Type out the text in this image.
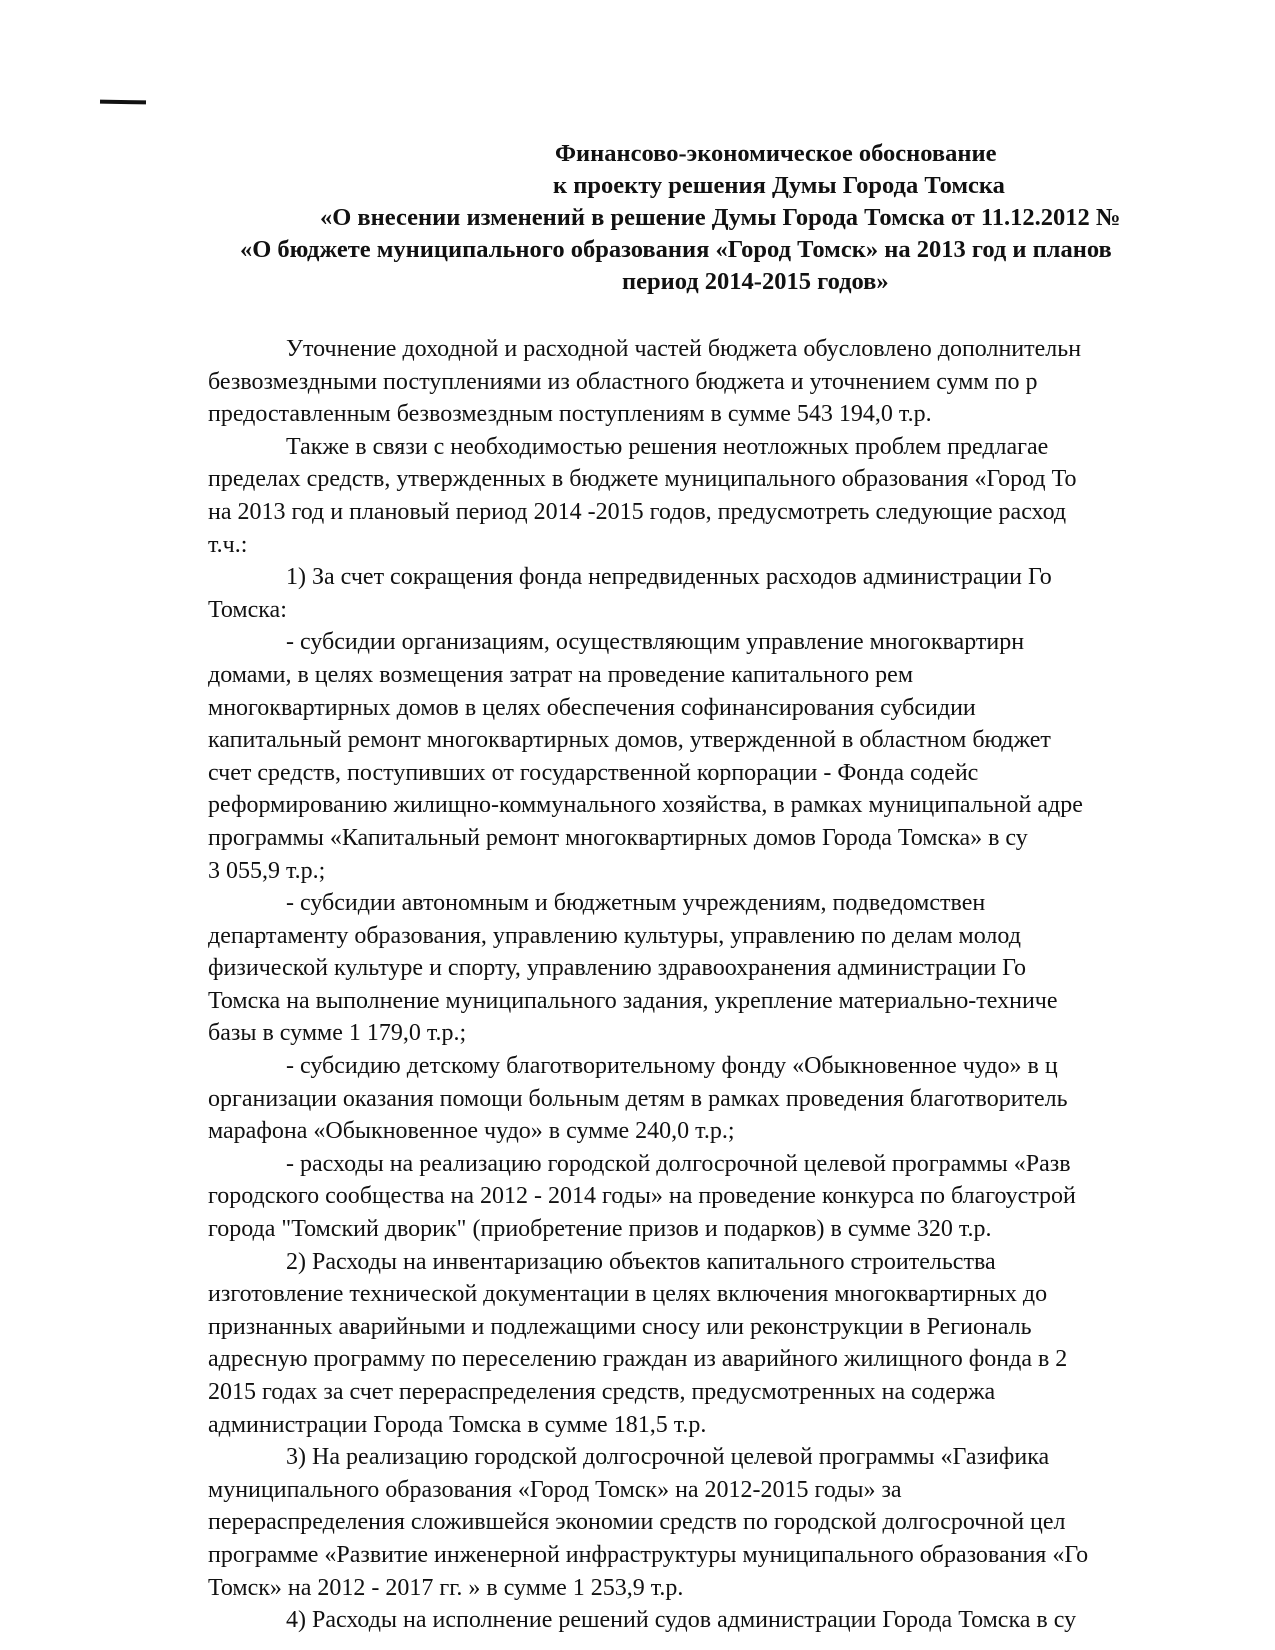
Финансово-экономическое обоснование
к проекту решения Думы Города Томска
«О внесении изменений в решение Думы Города Томска от 11.12.2012 №
«О бюджете муниципального образования «Город Томск» на 2013 год и планов
период 2014-2015 годов»
Уточнение доходной и расходной частей бюджета обусловлено дополнительн
безвозмездными поступлениями из областного бюджета и уточнением сумм по р
предоставленным безвозмездным поступлениям в сумме 543 194,0 т.р.
Также в связи с необходимостью решения неотложных проблем предлагае
пределах средств, утвержденных в бюджете муниципального образования «Город То
на 2013 год и плановый период 2014 -2015 годов, предусмотреть следующие расход
т.ч.:
1) За счет сокращения фонда непредвиденных расходов администрации Го
Томска:
- субсидии организациям, осуществляющим управление многоквартирн
домами, в целях возмещения затрат на проведение капитального рем
многоквартирных домов в целях обеспечения софинансирования субсидии
капитальный ремонт многоквартирных домов, утвержденной в областном бюджет
счет средств, поступивших от государственной корпорации - Фонда содейс
реформированию жилищно-коммунального хозяйства, в рамках муниципальной адре
программы «Капитальный ремонт многоквартирных домов Города Томска» в су
3 055,9 т.р.;
- субсидии автономным и бюджетным учреждениям, подведомствен
департаменту образования, управлению культуры, управлению по делам молод
физической культуре и спорту, управлению здравоохранения администрации Го
Томска на выполнение муниципального задания, укрепление материально-техниче
базы в сумме 1 179,0 т.р.;
- субсидию детскому благотворительному фонду «Обыкновенное чудо» в ц
организации оказания помощи больным детям в рамках проведения благотворитель
марафона «Обыкновенное чудо» в сумме 240,0 т.р.;
- расходы на реализацию городской долгосрочной целевой программы «Разв
городского сообщества на 2012 - 2014 годы» на проведение конкурса по благоустрой
города "Томский дворик" (приобретение призов и подарков) в сумме 320 т.р.
2) Расходы на инвентаризацию объектов капитального строительства
изготовление технической документации в целях включения многоквартирных до
признанных аварийными и подлежащими сносу или реконструкции в Региональ
адресную программу по переселению граждан из аварийного жилищного фонда в 2
2015 годах за счет перераспределения средств, предусмотренных на содержа
администрации Города Томска в сумме 181,5 т.р.
3) На реализацию городской долгосрочной целевой программы «Газифика
муниципального образования «Город Томск» на 2012-2015 годы» за
перераспределения сложившейся экономии средств по городской долгосрочной цел
программе «Развитие инженерной инфраструктуры муниципального образования «Го
Томск» на 2012 - 2017 гг. » в сумме 1 253,9 т.р.
4) Расходы на исполнение решений судов администрации Города Томска в су
